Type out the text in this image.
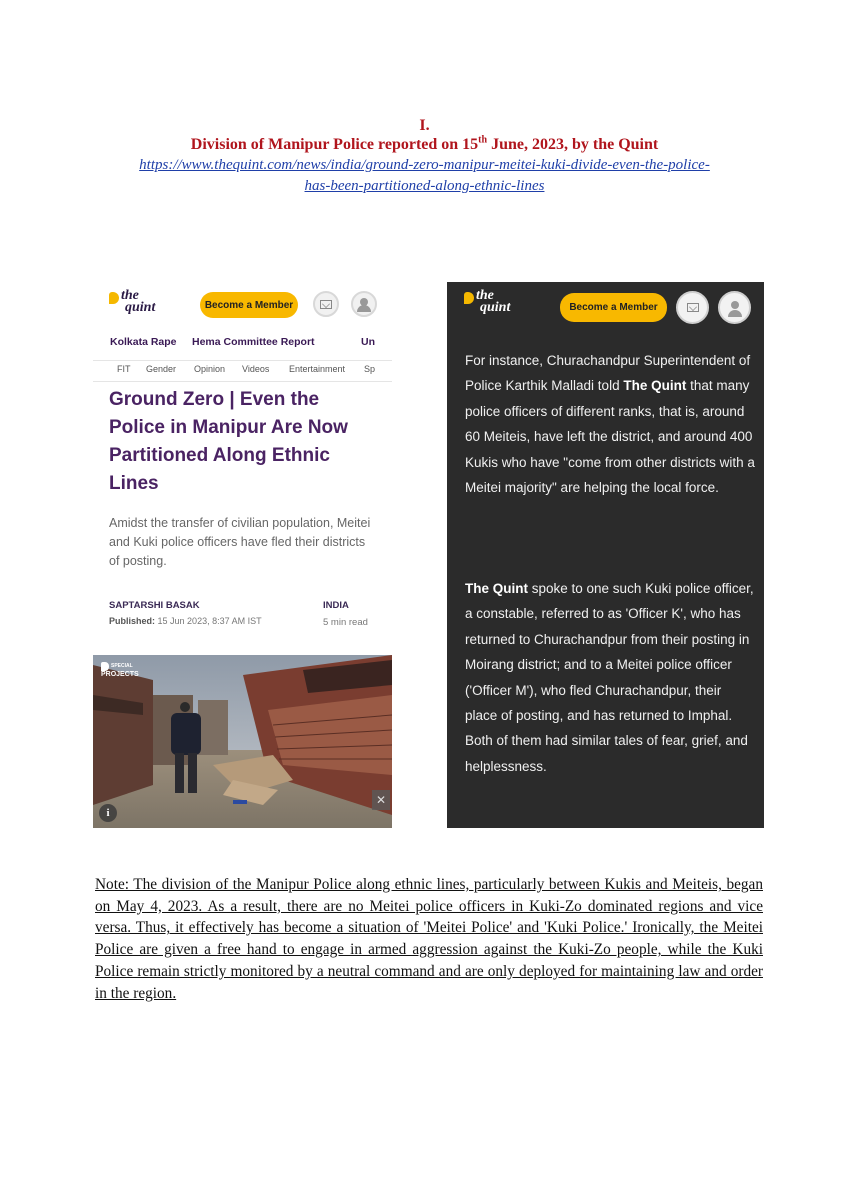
I.
Division of Manipur Police reported on 15th June, 2023, by the Quint
https://www.thequint.com/news/india/ground-zero-manipur-meitei-kuki-divide-even-the-police-
has-been-partitioned-along-ethnic-lines
the
quint	Become a Member
Kolkata Rape Hema Committee Report	Un
FIT Gender Opinion Videos Entertainment Sp
Ground Zero | Even the Police in Manipur Are Now Partitioned Along Ethnic Lines
Amidst the transfer of civilian population, Meitei and Kuki police officers have fled their districts of posting.
SAPTARSHI BASAK
Published: 15 Jun 2023, 8:37 AM IST
INDIA
5 min read
SPECIAL
PROJECTS
i
✕
the
quint	Become a Member
For instance, Churachandpur Superintendent of Police Karthik Malladi told The Quint that many police officers of different ranks, that is, around 60 Meiteis, have left the district, and around 400 Kukis who have "come from other districts with a Meitei majority" are helping the local force.
The Quint spoke to one such Kuki police officer, a constable, referred to as 'Officer K', who has returned to Churachandpur from their posting in Moirang district; and to a Meitei police officer ('Officer M'), who fled Churachandpur, their place of posting, and has returned to Imphal. Both of them had similar tales of fear, grief, and helplessness.
Note: The division of the Manipur Police along ethnic lines, particularly between Kukis and Meiteis, began on May 4, 2023. As a result, there are no Meitei police officers in Kuki-Zo dominated regions and vice versa. Thus, it effectively has become a situation of 'Meitei Police' and 'Kuki Police.' Ironically, the Meitei Police are given a free hand to engage in armed aggression against the Kuki-Zo people, while the Kuki Police remain strictly monitored by a neutral command and are only deployed for maintaining law and order in the region.
